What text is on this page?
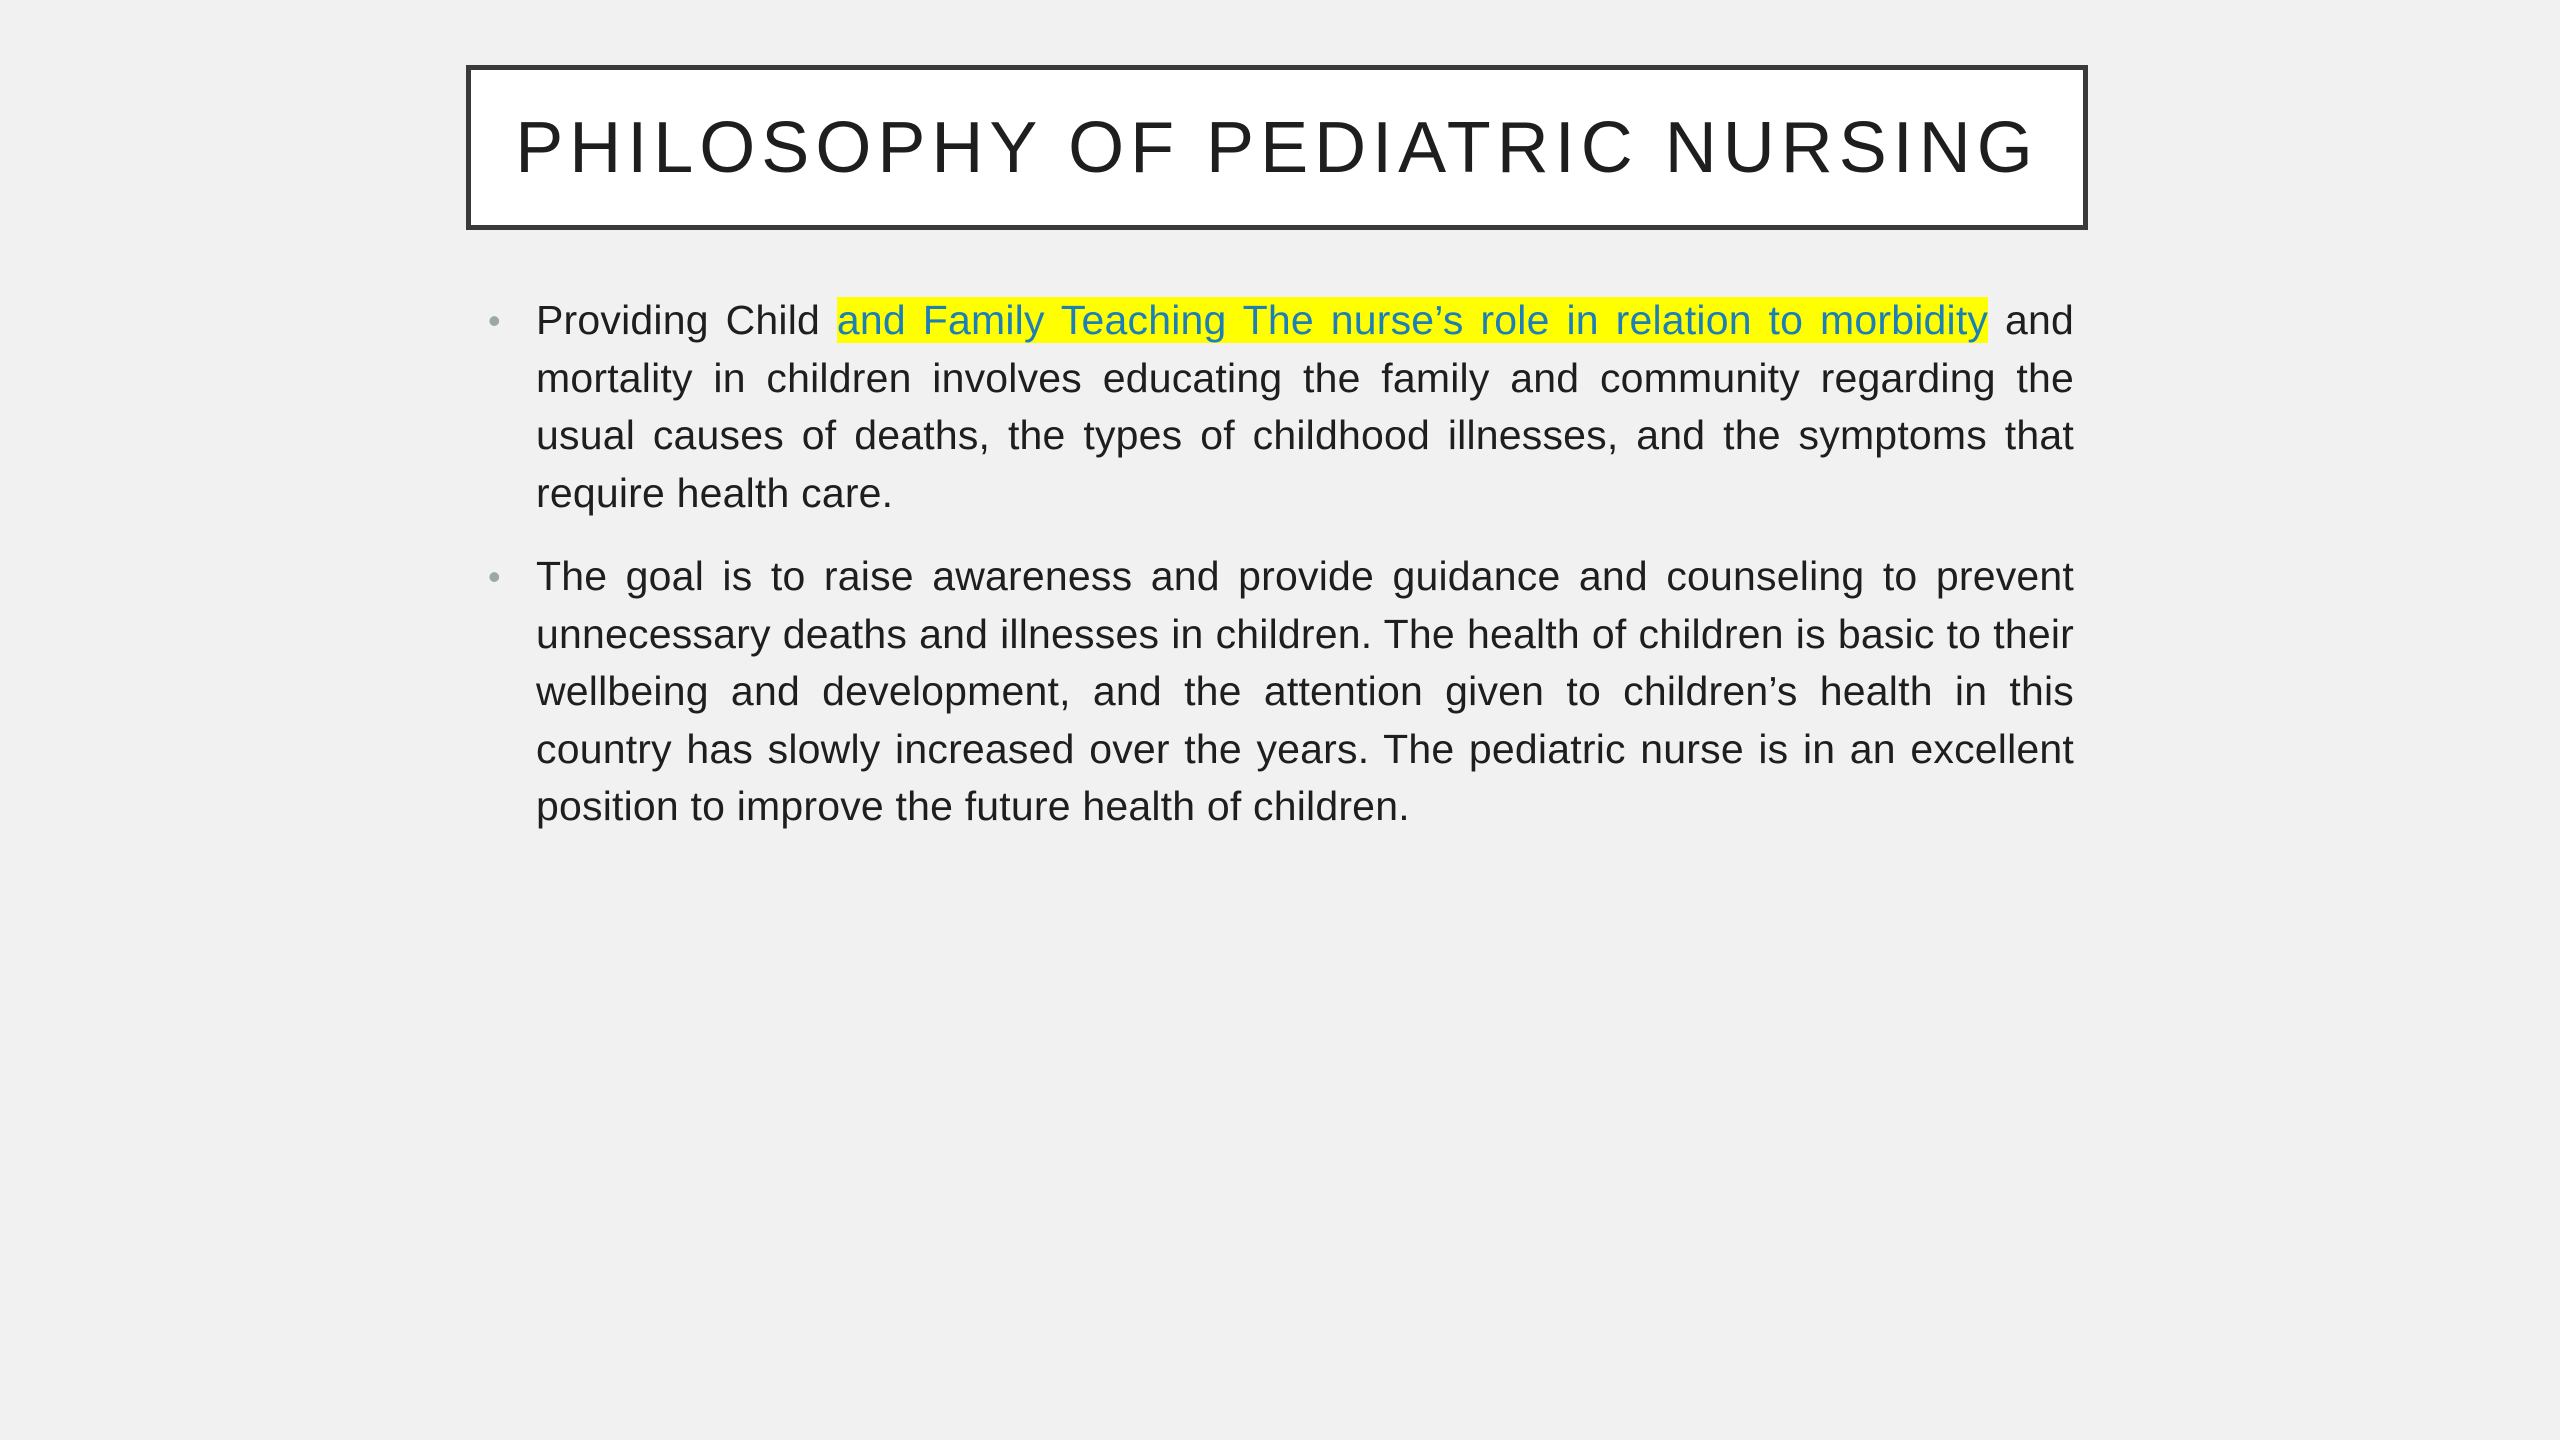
PHILOSOPHY OF PEDIATRIC NURSING
• Providing Child and Family Teaching The nurse’s role in relation to morbidity and mortality in children involves educating the family and community regarding the usual causes of deaths, the types of childhood illnesses, and the symptoms that require health care.
• The goal is to raise awareness and provide guidance and counseling to prevent unnecessary deaths and illnesses in children. The health of children is basic to their wellbeing and development, and the attention given to children’s health in this country has slowly increased over the years. The pediatric nurse is in an excellent position to improve the future health of children.
